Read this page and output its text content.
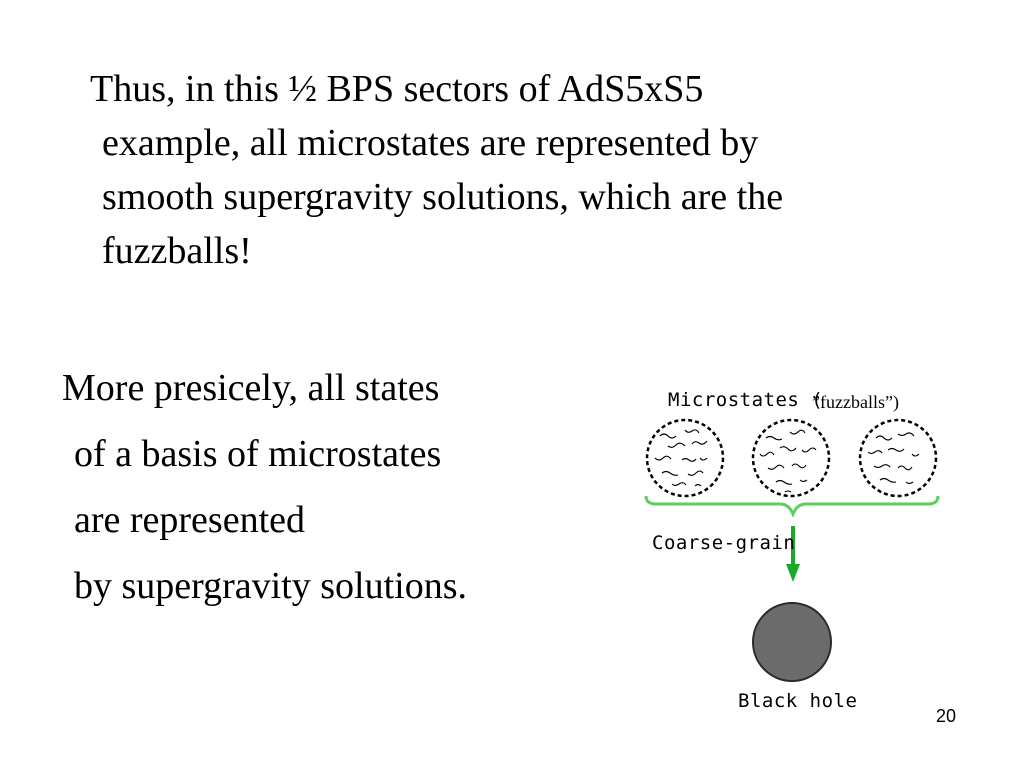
Thus, in this ½ BPS sectors of AdS5xS5
example, all microstates are represented by
smooth supergravity solutions, which are the
fuzzballs!
More presicely, all states
of a basis of microstates
are represented
by supergravity solutions.
Microstates (
”fuzzballs”)
Coarse-grain
Black hole
20
